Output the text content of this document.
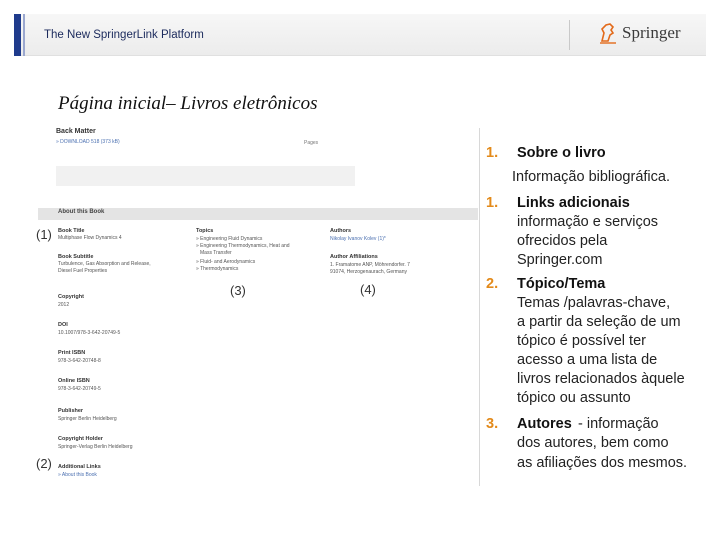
The New SpringerLink Platform	Springer
Página inicial– Livros eletrônicos
Back Matter
» DOWNLOAD 518 (373 kB)	Pages
About this Book
Book Title
Multiphase Flow Dynamics 4
Book Subtitle
Turbulence, Gas Absorption and Release,
Diesel Fuel Properties
Copyright
2012
DOI
10.1007/978-3-642-20749-5
Print ISBN
978-3-642-20748-8
Online ISBN
978-3-642-20749-5
Publisher
Springer Berlin Heidelberg
Copyright Holder
Springer-Verlag Berlin Heidelberg
Additional Links
» About this Book
Topics
» Engineering Fluid Dynamics
» Engineering Thermodynamics, Heat and
Mass Transfer
» Fluid- and Aerodynamics
» Thermodynamics
Authors
Nikolay Ivanov Kolev (1)*
Author Affiliations
1. Framatome ANP, Möhrendorfer. 7
91074, Herzogenaurach, Germany
(1)
(2)
(3)	(4)
1. Sobre o livro
Informação bibliográfica.
1. Links adicionais
informação e serviços
ofrecidos pela
Springer.com
2. Tópico/Tema
Temas /palavras-chave,
a partir da seleção de um
tópico é possível ter
acesso a uma lista de
livros relacionados àquele
tópico ou assunto
3. Autores - informação
dos autores, bem como
as afiliações dos mesmos.
